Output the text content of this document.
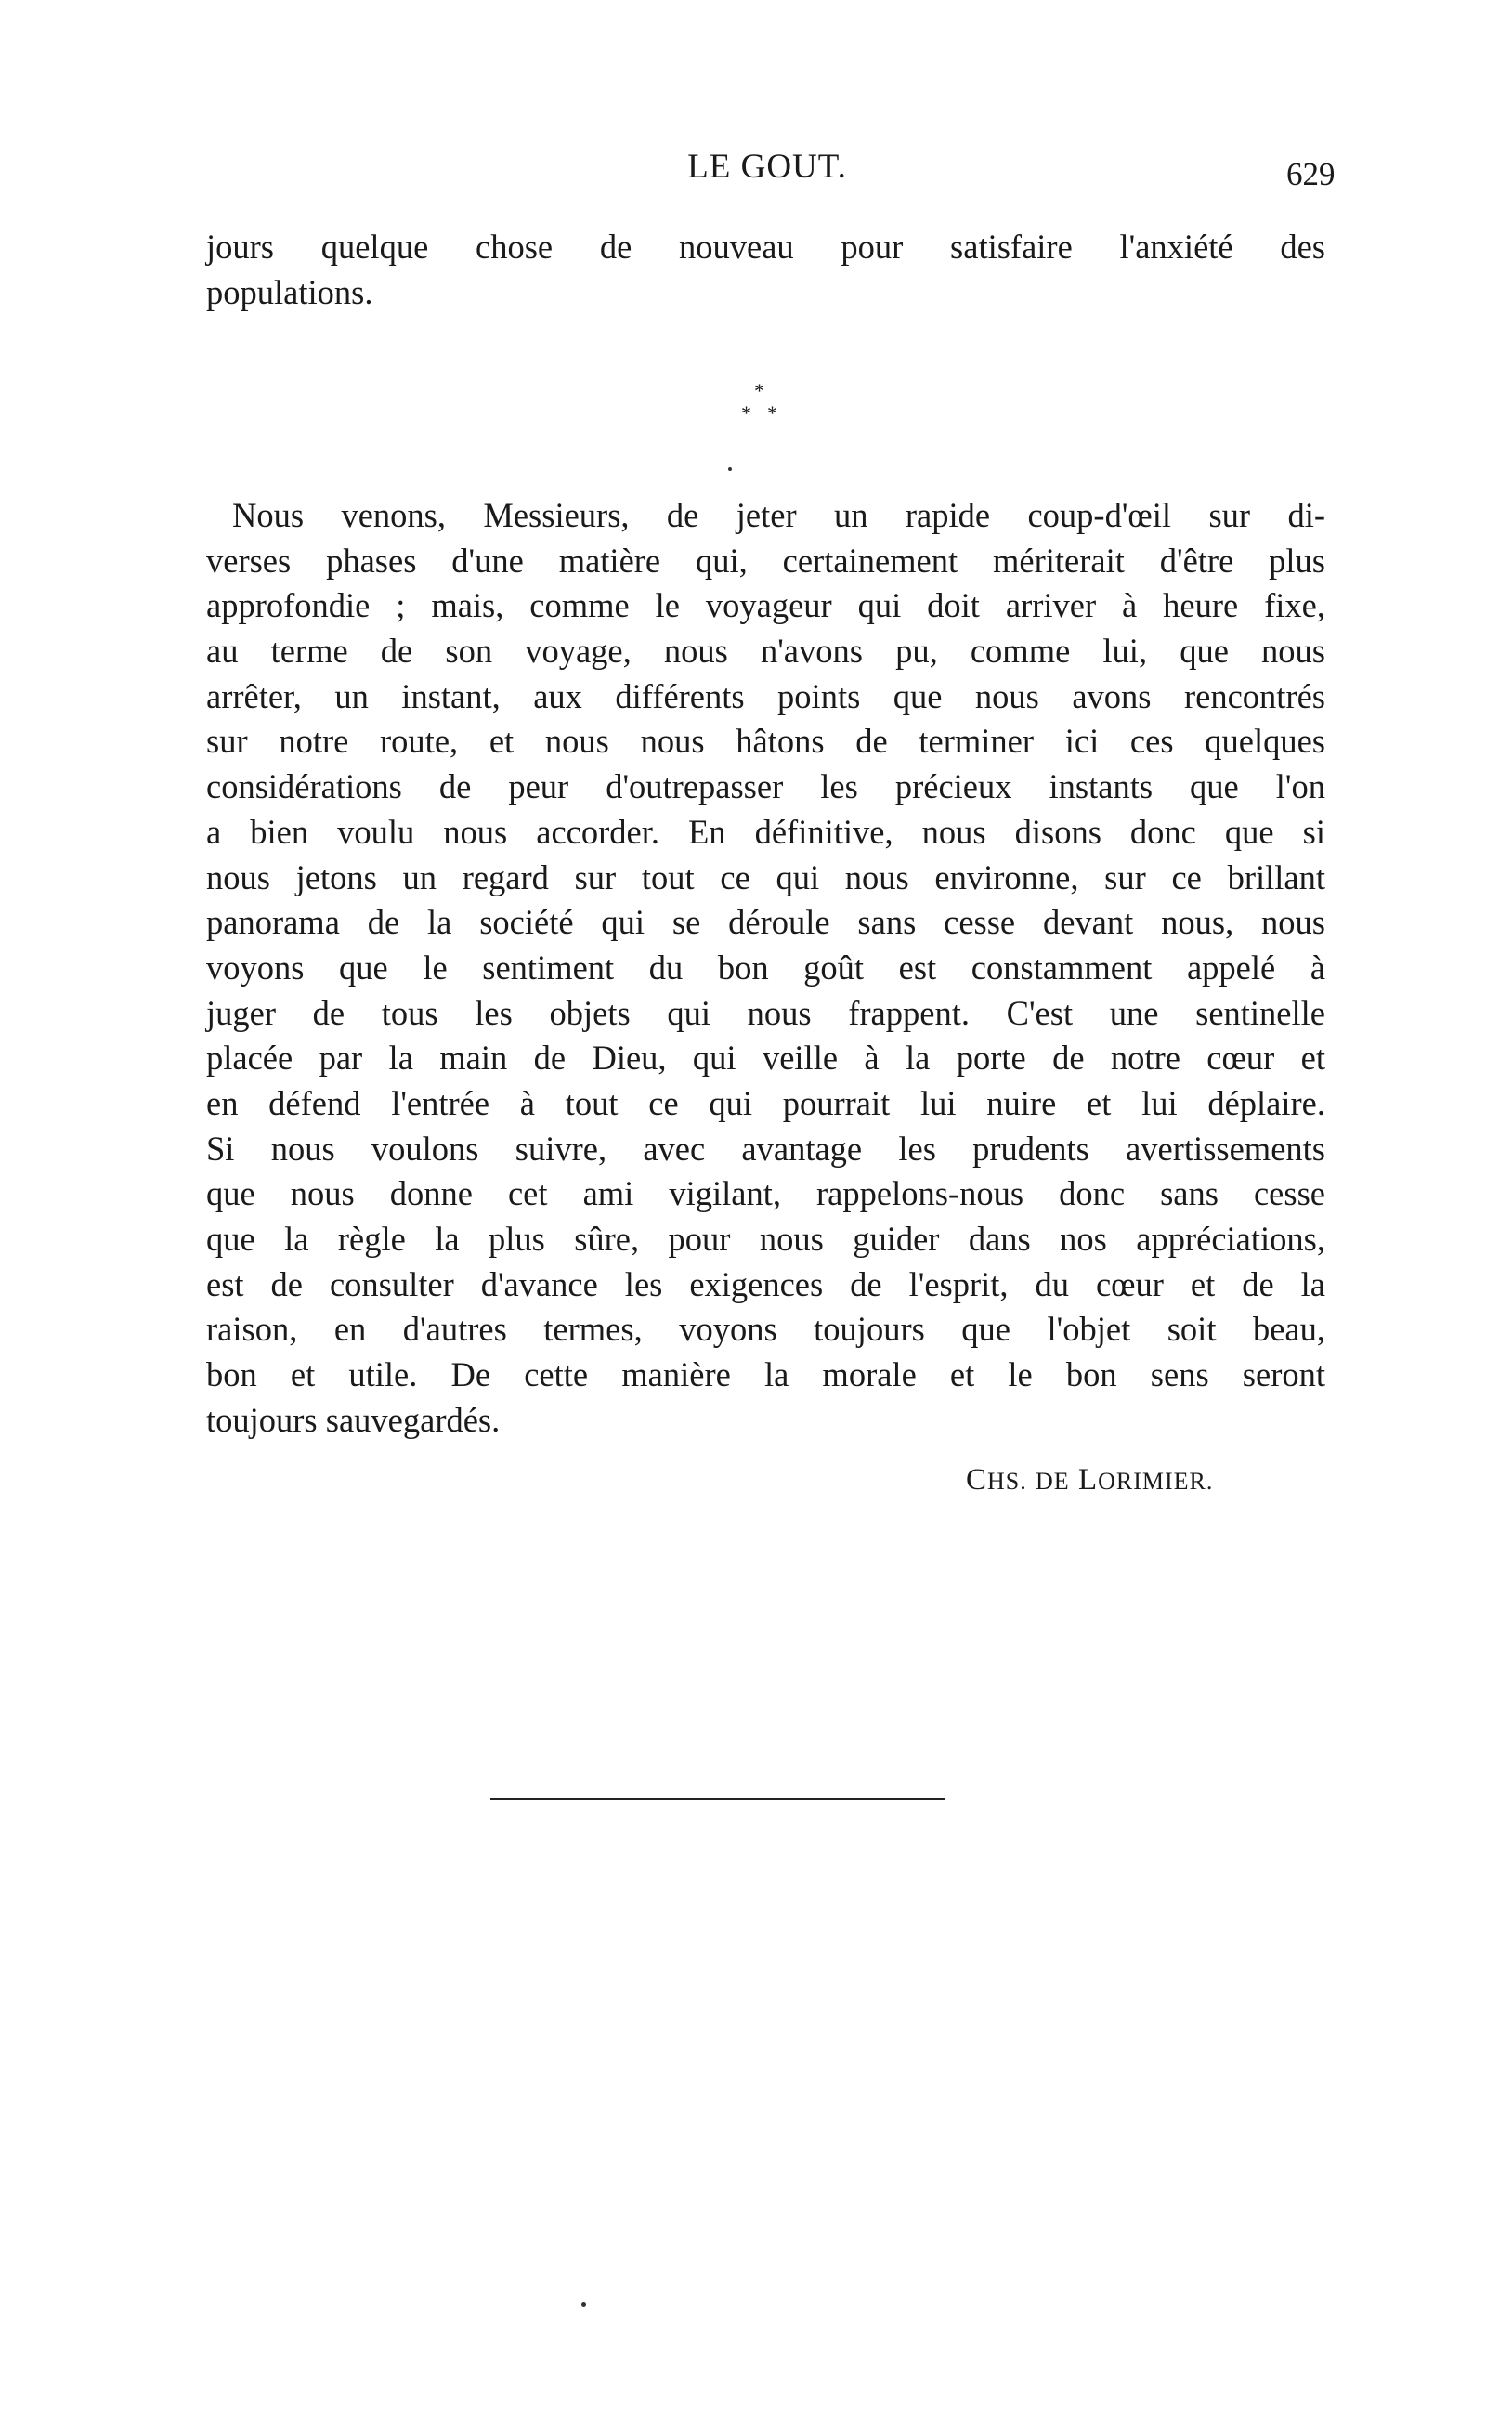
LE GOUT.	629
jours quelque chose de nouveau pour satisfaire l'anxiété des
populations.
*
* *
Nous venons, Messieurs, de jeter un rapide coup-d'œil sur di-
verses phases d'une matière qui, certainement mériterait d'être plus
approfondie ; mais, comme le voyageur qui doit arriver à heure fixe,
au terme de son voyage, nous n'avons pu, comme lui, que nous
arrêter, un instant, aux différents points que nous avons rencontrés
sur notre route, et nous nous hâtons de terminer ici ces quelques
considérations de peur d'outrepasser les précieux instants que l'on
a bien voulu nous accorder. En définitive, nous disons donc que si
nous jetons un regard sur tout ce qui nous environne, sur ce brillant
panorama de la société qui se déroule sans cesse devant nous, nous
voyons que le sentiment du bon goût est constamment appelé à
juger de tous les objets qui nous frappent. C'est une sentinelle
placée par la main de Dieu, qui veille à la porte de notre cœur et
en défend l'entrée à tout ce qui pourrait lui nuire et lui déplaire.
Si nous voulons suivre, avec avantage les prudents avertissements
que nous donne cet ami vigilant, rappelons-nous donc sans cesse
que la règle la plus sûre, pour nous guider dans nos appréciations,
est de consulter d'avance les exigences de l'esprit, du cœur et de la
raison, en d'autres termes, voyons toujours que l'objet soit beau,
bon et utile. De cette manière la morale et le bon sens seront
toujours sauvegardés.
CHS. DE LORIMIER.
